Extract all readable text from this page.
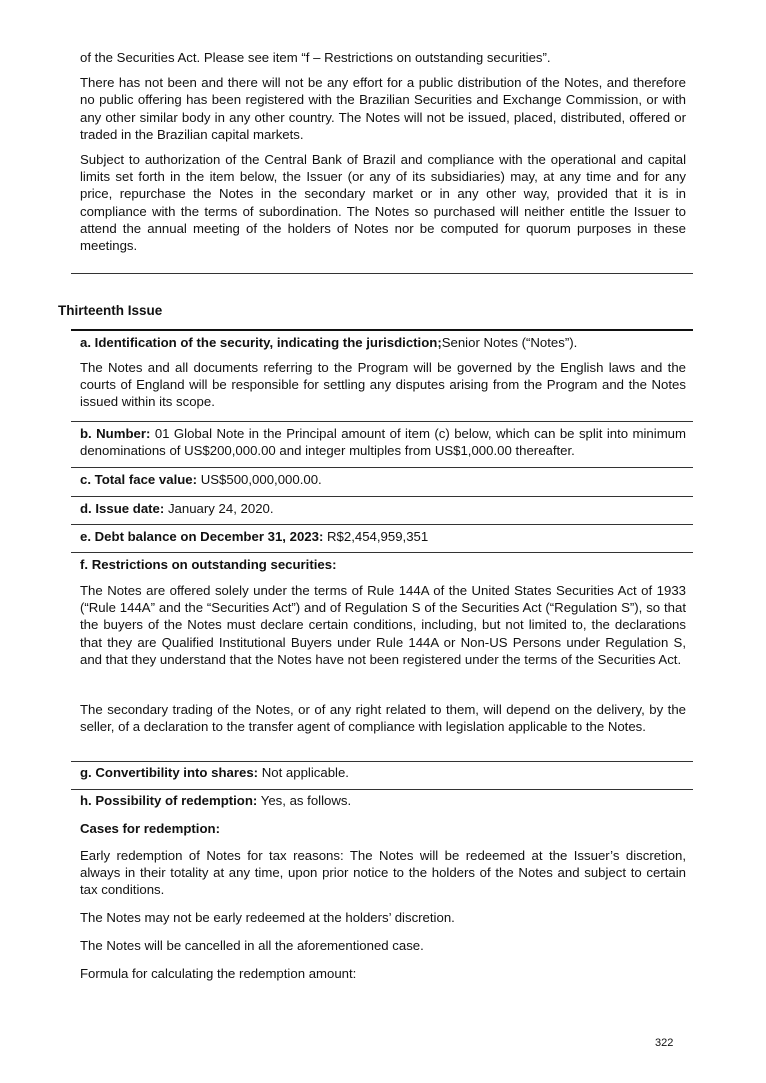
of the Securities Act. Please see item “f – Restrictions on outstanding securities”.

There has not been and there will not be any effort for a public distribution of the Notes, and therefore no public offering has been registered with the Brazilian Securities and Exchange Commission, or with any other similar body in any other country. The Notes will not be issued, placed, distributed, offered or traded in the Brazilian capital markets.

Subject to authorization of the Central Bank of Brazil and compliance with the operational and capital limits set forth in the item below, the Issuer (or any of its subsidiaries) may, at any time and for any price, repurchase the Notes in the secondary market or in any other way, provided that it is in compliance with the terms of subordination. The Notes so purchased will neither entitle the Issuer to attend the annual meeting of the holders of Notes nor be computed for quorum purposes in these meetings.

Thirteenth Issue
a. Identification of the security, indicating the jurisdiction;Senior Notes (“Notes”).
The Notes and all documents referring to the Program will be governed by the English laws and the courts of England will be responsible for settling any disputes arising from the Program and the Notes issued within its scope.
b. Number: 01 Global Note in the Principal amount of item (c) below, which can be split into minimum denominations of US$200,000.00 and integer multiples from US$1,000.00 thereafter.
c. Total face value: US$500,000,000.00.
d. Issue date: January 24, 2020.
e. Debt balance on December 31, 2023: R$2,454,959,351
f. Restrictions on outstanding securities:
The Notes are offered solely under the terms of Rule 144A of the United States Securities Act of 1933 (“Rule 144A” and the “Securities Act”) and of Regulation S of the Securities Act (“Regulation S”), so that the buyers of the Notes must declare certain conditions, including, but not limited to, the declarations that they are Qualified Institutional Buyers under Rule 144A or Non-US Persons under Regulation S, and that they understand that the Notes have not been registered under the terms of the Securities Act.
The secondary trading of the Notes, or of any right related to them, will depend on the delivery, by the seller, of a declaration to the transfer agent of compliance with legislation applicable to the Notes.
g. Convertibility into shares: Not applicable.
h. Possibility of redemption: Yes, as follows.
Cases for redemption:
Early redemption of Notes for tax reasons: The Notes will be redeemed at the Issuer’s discretion, always in their totality at any time, upon prior notice to the holders of the Notes and subject to certain tax conditions.
The Notes may not be early redeemed at the holders’ discretion.
The Notes will be cancelled in all the aforementioned case.
Formula for calculating the redemption amount:
322
